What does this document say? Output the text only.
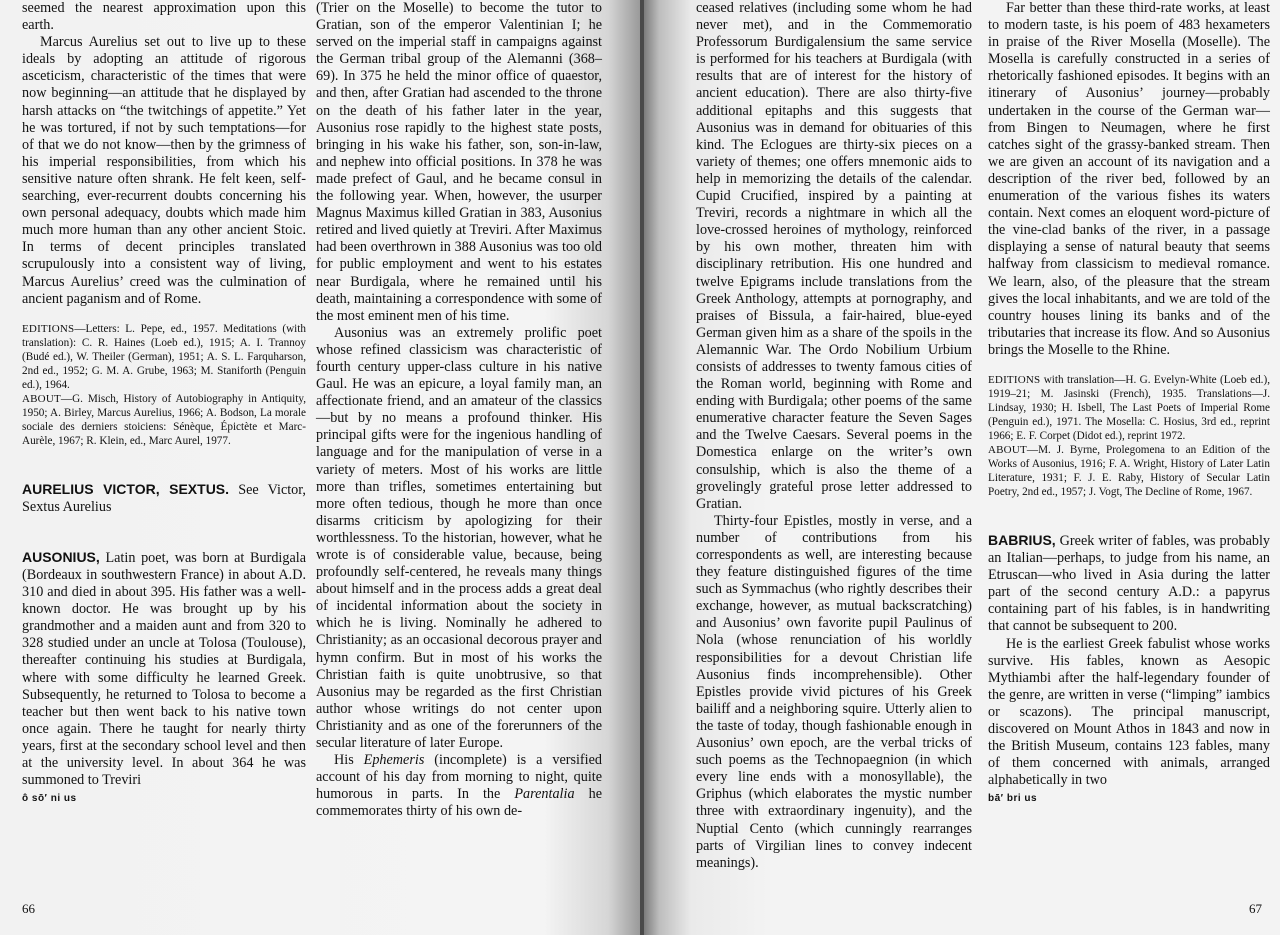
seemed the nearest approximation upon this earth.

Marcus Aurelius set out to live up to these ideals by adopting an attitude of rigorous asceticism, characteristic of the times that were now beginning—an attitude that he displayed by harsh attacks on “the twitchings of appetite.” Yet he was tortured, if not by such temptations—for of that we do not know—then by the grimness of his imperial responsibilities, from which his sensitive nature often shrank. He felt keen, self-searching, ever-recurrent doubts concerning his own personal adequacy, doubts which made him much more human than any other ancient Stoic. In terms of decent principles translated scrupulously into a consistent way of living, Marcus Aurelius’ creed was the culmination of ancient paganism and of Rome.

EDITIONS—Letters: L. Pepe, ed., 1957. Meditations (with translation): C. R. Haines (Loeb ed.), 1915; A. I. Trannoy (Budé ed.), W. Theiler (German), 1951; A. S. L. Farquharson, 2nd ed., 1952; G. M. A. Grube, 1963; M. Staniforth (Penguin ed.), 1964.

ABOUT—G. Misch, History of Autobiography in Antiquity, 1950; A. Birley, Marcus Aurelius, 1966; A. Bodson, La morale sociale des derniers stoiciens: Sénèque, Épictète et Marc-Aurèle, 1967; R. Klein, ed., Marc Aurel, 1977.

AURELIUS VICTOR, SEXTUS. See Victor, Sextus Aurelius

AUSONIUS, Latin poet, was born at Burdigala (Bordeaux in southwestern France) in about A.D. 310 and died in about 395. His father was a well-known doctor. He was brought up by his grandmother and a maiden aunt and from 320 to 328 studied under an uncle at Tolosa (Toulouse), thereafter continuing his studies at Burdigala, where with some difficulty he learned Greek. Subsequently, he returned to Tolosa to become a teacher but then went back to his native town once again. There he taught for nearly thirty years, first at the secondary school level and then at the university level. In about 364 he was summoned to Treviri

ô sō′ ni us

(Trier on the Moselle) to become the tutor to Gratian, son of the emperor Valentinian I; he served on the imperial staff in campaigns against the German tribal group of the Alemanni (368–69). In 375 he held the minor office of quaestor, and then, after Gratian had ascended to the throne on the death of his father later in the year, Ausonius rose rapidly to the highest state posts, bringing in his wake his father, son, son-in-law, and nephew into official positions. In 378 he was made prefect of Gaul, and he became consul in the following year. When, however, the usurper Magnus Maximus killed Gratian in 383, Ausonius retired and lived quietly at Treviri. After Maximus had been overthrown in 388 Ausonius was too old for public employment and went to his estates near Burdigala, where he remained until his death, maintaining a correspondence with some of the most eminent men of his time.

Ausonius was an extremely prolific poet whose refined classicism was characteristic of fourth century upper-class culture in his native Gaul. He was an epicure, a loyal family man, an affectionate friend, and an amateur of the classics—but by no means a profound thinker. His principal gifts were for the ingenious handling of language and for the manipulation of verse in a variety of meters. Most of his works are little more than trifles, sometimes entertaining but more often tedious, though he more than once disarms criticism by apologizing for their worthlessness. To the historian, however, what he wrote is of considerable value, because, being profoundly self-centered, he reveals many things about himself and in the process adds a great deal of incidental information about the society in which he is living. Nominally he adhered to Christianity; as an occasional decorous prayer and hymn confirm. But in most of his works the Christian faith is quite unobtrusive, so that Ausonius may be regarded as the first Christian author whose writings do not center upon Christianity and as one of the forerunners of the secular literature of later Europe.

His Ephemeris (incomplete) is a versified account of his day from morning to night, quite humorous in parts. In the Parentalia he commemorates thirty of his own de-

66

ceased relatives (including some whom he had never met), and in the Commemoratio Professorum Burdigalensium the same service is performed for his teachers at Burdigala (with results that are of interest for the history of ancient education). There are also thirty-five additional epitaphs and this suggests that Ausonius was in demand for obituaries of this kind. The Eclogues are thirty-six pieces on a variety of themes; one offers mnemonic aids to help in memorizing the details of the calendar. Cupid Crucified, inspired by a painting at Treviri, records a nightmare in which all the love-crossed heroines of mythology, reinforced by his own mother, threaten him with disciplinary retribution. His one hundred and twelve Epigrams include translations from the Greek Anthology, attempts at pornography, and praises of Bissula, a fair-haired, blue-eyed German given him as a share of the spoils in the Alemannic War. The Ordo Nobilium Urbium consists of addresses to twenty famous cities of the Roman world, beginning with Rome and ending with Burdigala; other poems of the same enumerative character feature the Seven Sages and the Twelve Caesars. Several poems in the Domestica enlarge on the writer’s own consulship, which is also the theme of a grovelingly grateful prose letter addressed to Gratian.

Thirty-four Epistles, mostly in verse, and a number of contributions from his correspondents as well, are interesting because they feature distinguished figures of the time such as Symmachus (who rightly describes their exchange, however, as mutual backscratching) and Ausonius’ own favorite pupil Paulinus of Nola (whose renunciation of his worldly responsibilities for a devout Christian life Ausonius finds incomprehensible). Other Epistles provide vivid pictures of his Greek bailiff and a neighboring squire. Utterly alien to the taste of today, though fashionable enough in Ausonius’ own epoch, are the verbal tricks of such poems as the Technopaegnion (in which every line ends with a monosyllable), the Griphus (which elaborates the mystic number three with extraordinary ingenuity), and the Nuptial Cento (which cunningly rearranges parts of Virgilian lines to convey indecent meanings).

Far better than these third-rate works, at least to modern taste, is his poem of 483 hexameters in praise of the River Mosella (Moselle). The Mosella is carefully constructed in a series of rhetorically fashioned episodes. It begins with an itinerary of Ausonius’ journey—probably undertaken in the course of the German war—from Bingen to Neumagen, where he first catches sight of the grassy-banked stream. Then we are given an account of its navigation and a description of the river bed, followed by an enumeration of the various fishes its waters contain. Next comes an eloquent word-picture of the vine-clad banks of the river, in a passage displaying a sense of natural beauty that seems halfway from classicism to medieval romance. We learn, also, of the pleasure that the stream gives the local inhabitants, and we are told of the country houses lining its banks and of the tributaries that increase its flow. And so Ausonius brings the Moselle to the Rhine.

EDITIONS with translation—H. G. Evelyn-White (Loeb ed.), 1919–21; M. Jasinski (French), 1935. Translations—J. Lindsay, 1930; H. Isbell, The Last Poets of Imperial Rome (Penguin ed.), 1971. The Mosella: C. Hosius, 3rd ed., reprint 1966; E. F. Corpet (Didot ed.), reprint 1972.

ABOUT—M. J. Byrne, Prolegomena to an Edition of the Works of Ausonius, 1916; F. A. Wright, History of Later Latin Literature, 1931; F. J. E. Raby, History of Secular Latin Poetry, 2nd ed., 1957; J. Vogt, The Decline of Rome, 1967.

BABRIUS, Greek writer of fables, was probably an Italian—perhaps, to judge from his name, an Etruscan—who lived in Asia during the latter part of the second century A.D.: a papyrus containing part of his fables, is in handwriting that cannot be subsequent to 200.

He is the earliest Greek fabulist whose works survive. His fables, known as Aesopic Mythiambi after the half-legendary founder of the genre, are written in verse (“limping” iambics or scazons). The principal manuscript, discovered on Mount Athos in 1843 and now in the British Museum, contains 123 fables, many of them concerned with animals, arranged alphabetically in two

bā′ bri us
67
